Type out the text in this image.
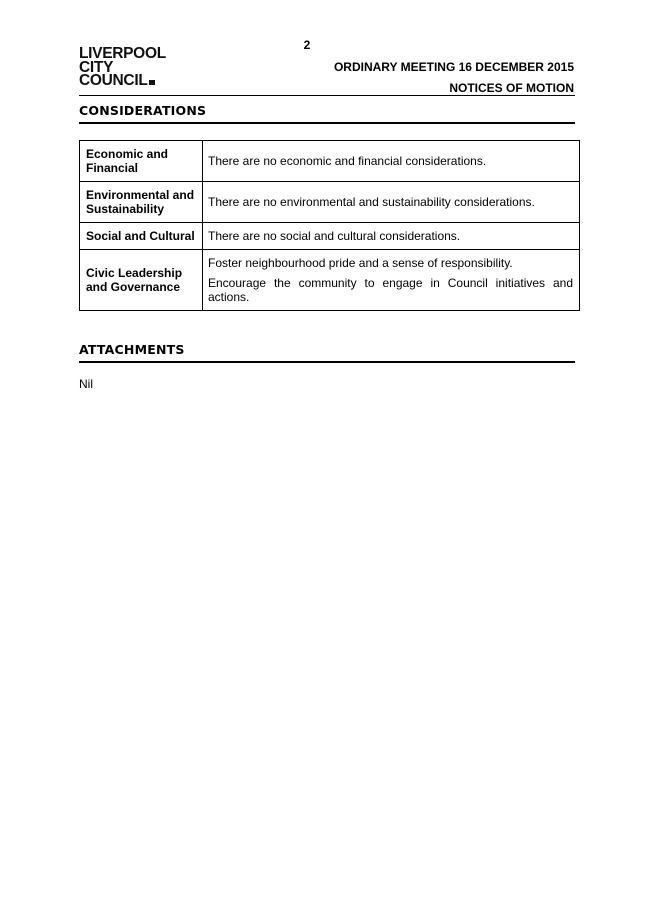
2
LIVERPOOL
CITY
COUNCIL
ORDINARY MEETING 16 DECEMBER 2015
NOTICES OF MOTION
CONSIDERATIONS
Economic and Financial	There are no economic and financial considerations.

Environmental and Sustainability	There are no environmental and sustainability considerations.

Social and Cultural	There are no social and cultural considerations.

Civic Leadership and Governance	Foster neighbourhood pride and a sense of responsibility.

Encourage the community to engage in Council initiatives and actions.

ATTACHMENTS
Nil
